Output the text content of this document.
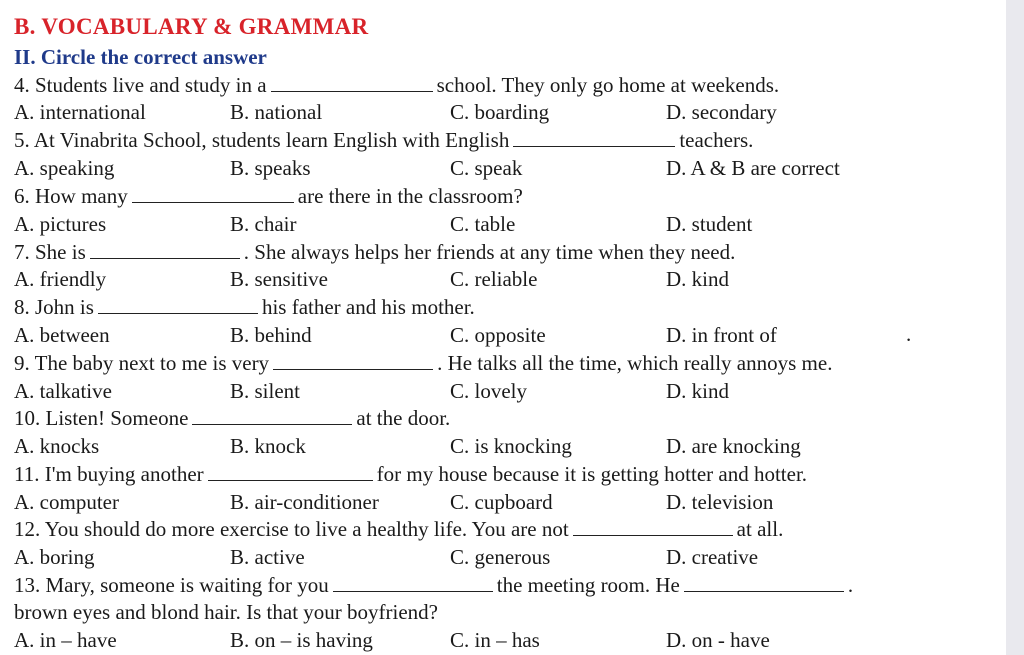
B. VOCABULARY & GRAMMAR
II. Circle the correct answer
4. Students live and study in a	school. They only go home at weekends.
A. international	B. national	C. boarding	D. secondary
5. At Vinabrita School, students learn English with English	teachers.
A. speaking	B. speaks	C. speak	D. A & B are correct
6. How many	are there in the classroom?
A. pictures	B. chair	C. table	D. student
7. She is	. She always helps her friends at any time when they need.
A. friendly	B. sensitive	C. reliable	D. kind
8. John is	his father and his mother.
A. between	B. behind	C. opposite	D. in front of	.
9. The baby next to me is very	. He talks all the time, which really annoys me.
A. talkative	B. silent	C. lovely	D. kind
10. Listen! Someone	at the door.
A. knocks	B. knock	C. is knocking	D. are knocking
11. I'm buying another	for my house because it is getting hotter and hotter.
A. computer	B. air-conditioner	C. cupboard	D. television
12. You should do more exercise to live a healthy life. You are not	at all.
A. boring	B. active	C. generous	D. creative
13. Mary, someone is waiting for you	the meeting room. He	.
brown eyes and blond hair. Is that your boyfriend?
A. in – have	B. on – is having	C. in – has	D. on - have
